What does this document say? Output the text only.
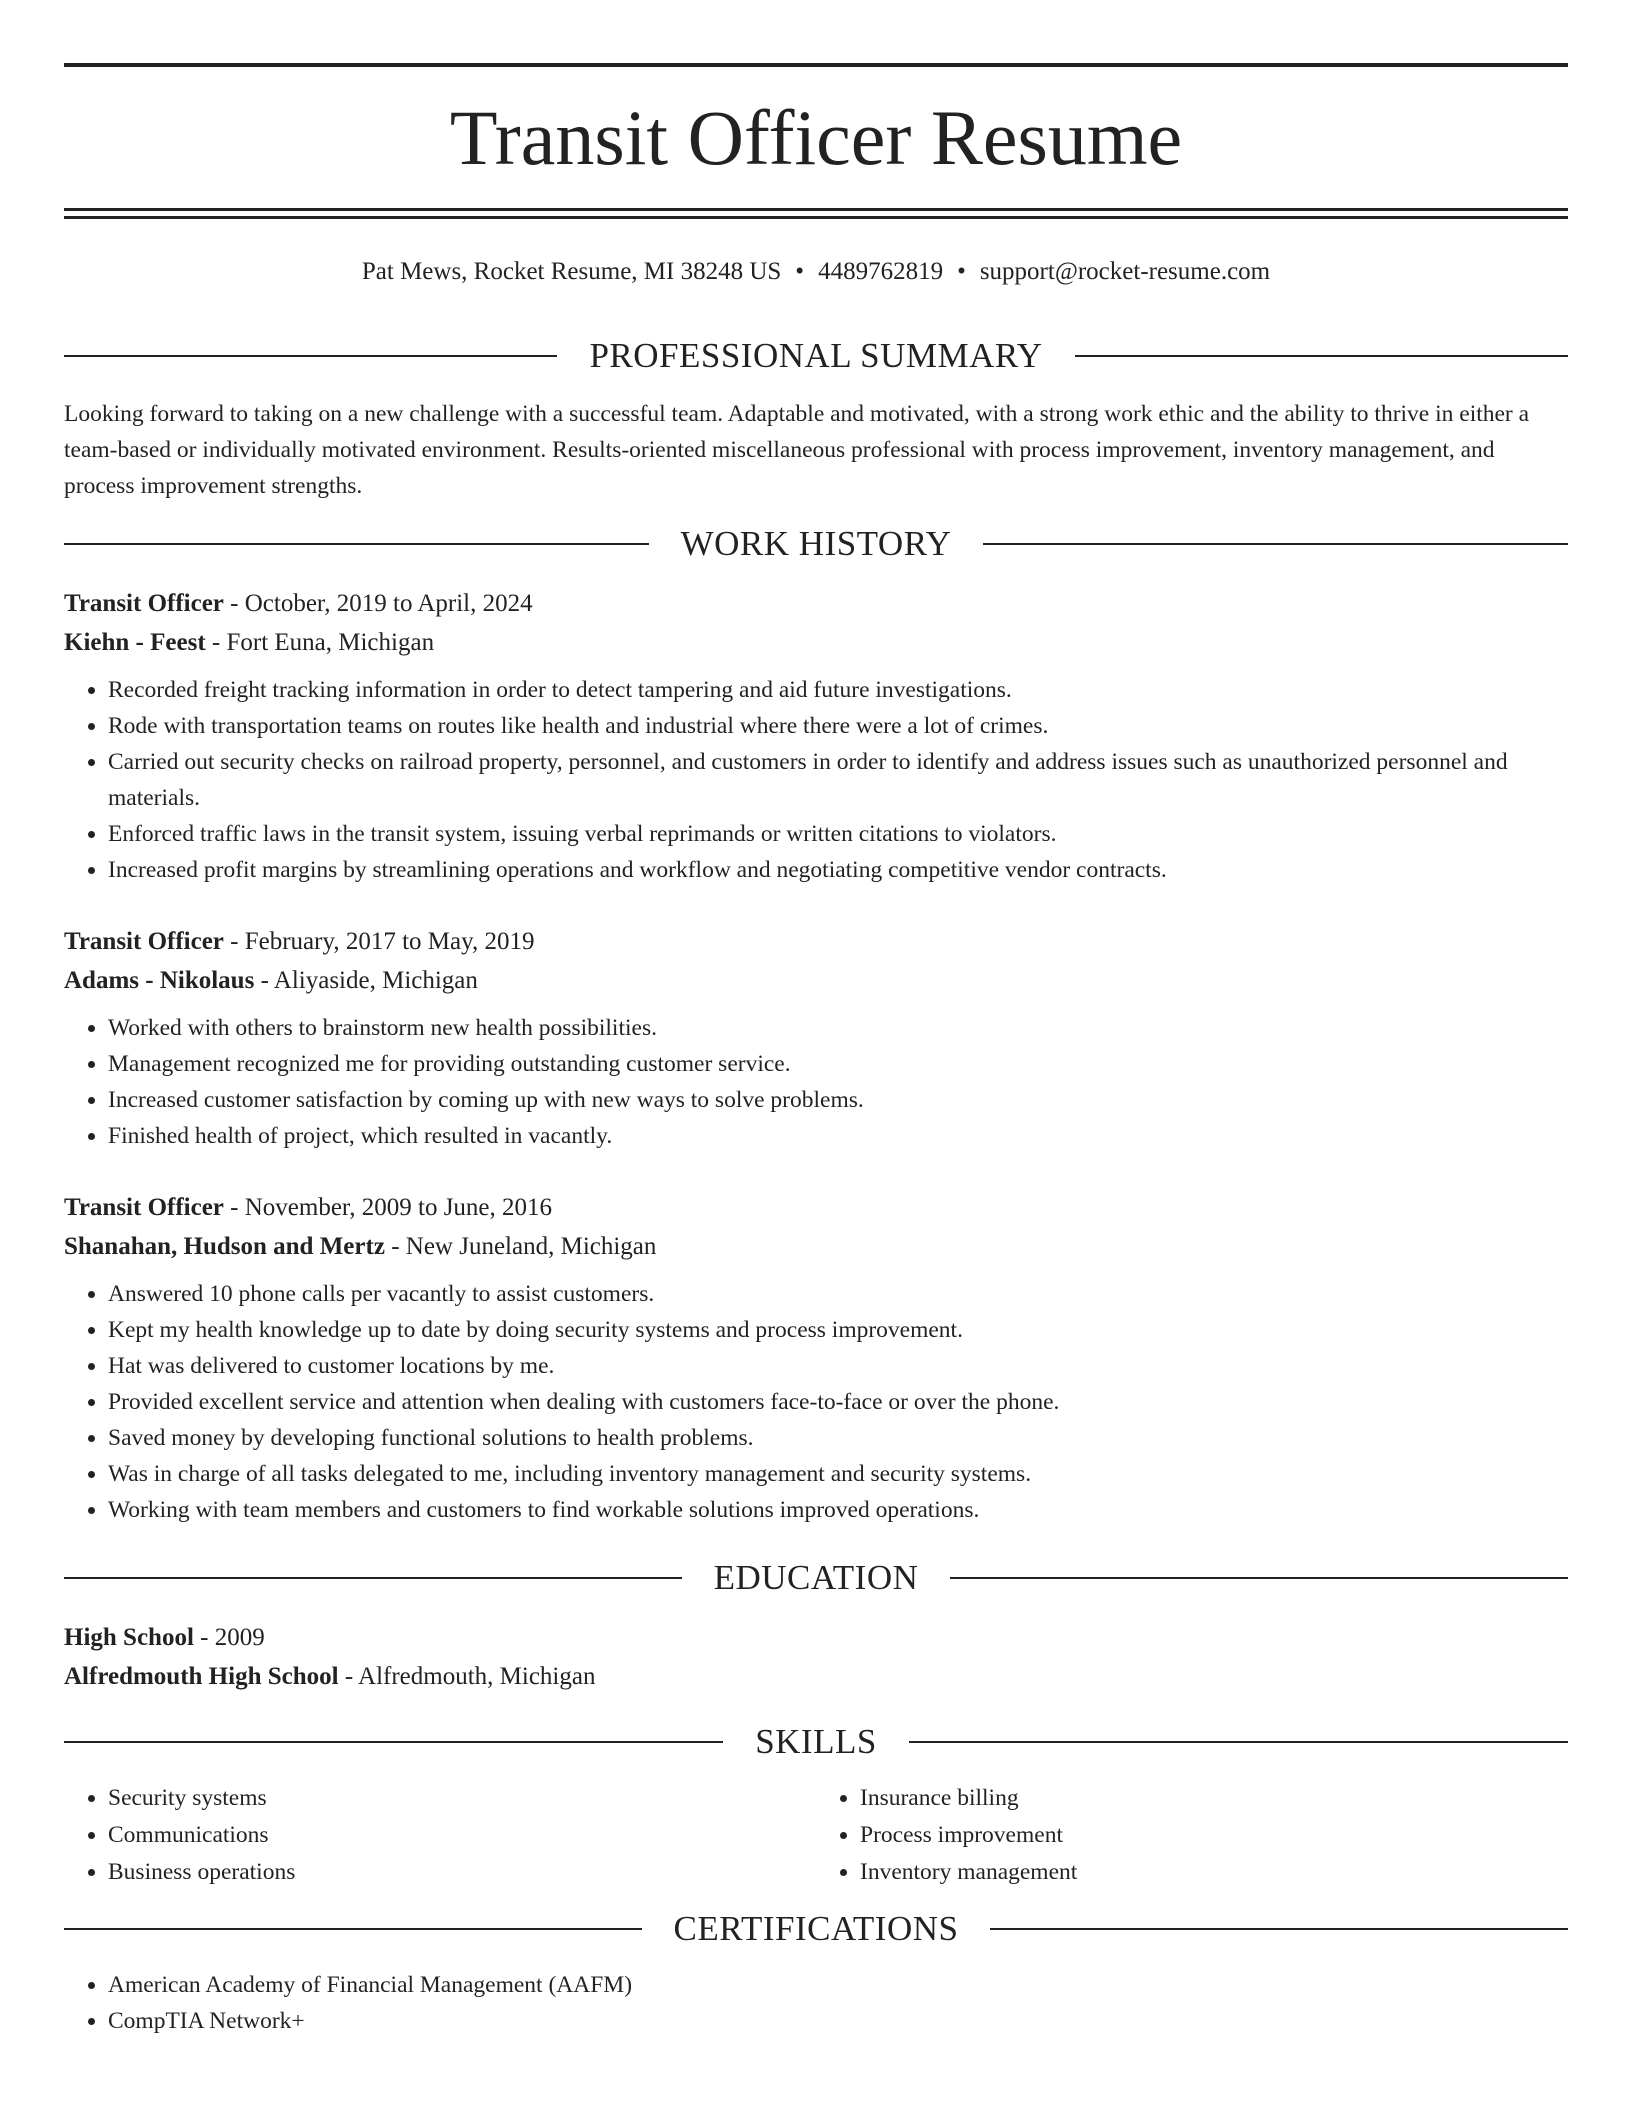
Transit Officer Resume
Pat Mews, Rocket Resume, MI 38248 US • 4489762819 • support@rocket-resume.com
PROFESSIONAL SUMMARY

Looking forward to taking on a new challenge with a successful team. Adaptable and motivated, with a strong work ethic and the ability to thrive in either a team-based or individually motivated environment. Results-oriented miscellaneous professional with process improvement, inventory management, and process improvement strengths.

WORK HISTORY
Transit Officer - October, 2019 to April, 2024
Kiehn - Feest - Fort Euna, Michigan
• Recorded freight tracking information in order to detect tampering and aid future investigations.
• Rode with transportation teams on routes like health and industrial where there were a lot of crimes.
• Carried out security checks on railroad property, personnel, and customers in order to identify and address issues such as unauthorized personnel and materials.
• Enforced traffic laws in the transit system, issuing verbal reprimands or written citations to violators.
• Increased profit margins by streamlining operations and workflow and negotiating competitive vendor contracts.
Transit Officer - February, 2017 to May, 2019
Adams - Nikolaus - Aliyaside, Michigan
• Worked with others to brainstorm new health possibilities.
• Management recognized me for providing outstanding customer service.
• Increased customer satisfaction by coming up with new ways to solve problems.
• Finished health of project, which resulted in vacantly.
Transit Officer - November, 2009 to June, 2016
Shanahan, Hudson and Mertz - New Juneland, Michigan
• Answered 10 phone calls per vacantly to assist customers.
• Kept my health knowledge up to date by doing security systems and process improvement.
• Hat was delivered to customer locations by me.
• Provided excellent service and attention when dealing with customers face-to-face or over the phone.
• Saved money by developing functional solutions to health problems.
• Was in charge of all tasks delegated to me, including inventory management and security systems.
• Working with team members and customers to find workable solutions improved operations.
EDUCATION
High School - 2009
Alfredmouth High School - Alfredmouth, Michigan
SKILLS
• Security systems
• Communications
• Business operations
• Insurance billing
• Process improvement
• Inventory management
CERTIFICATIONS
• American Academy of Financial Management (AAFM)
• CompTIA Network+
